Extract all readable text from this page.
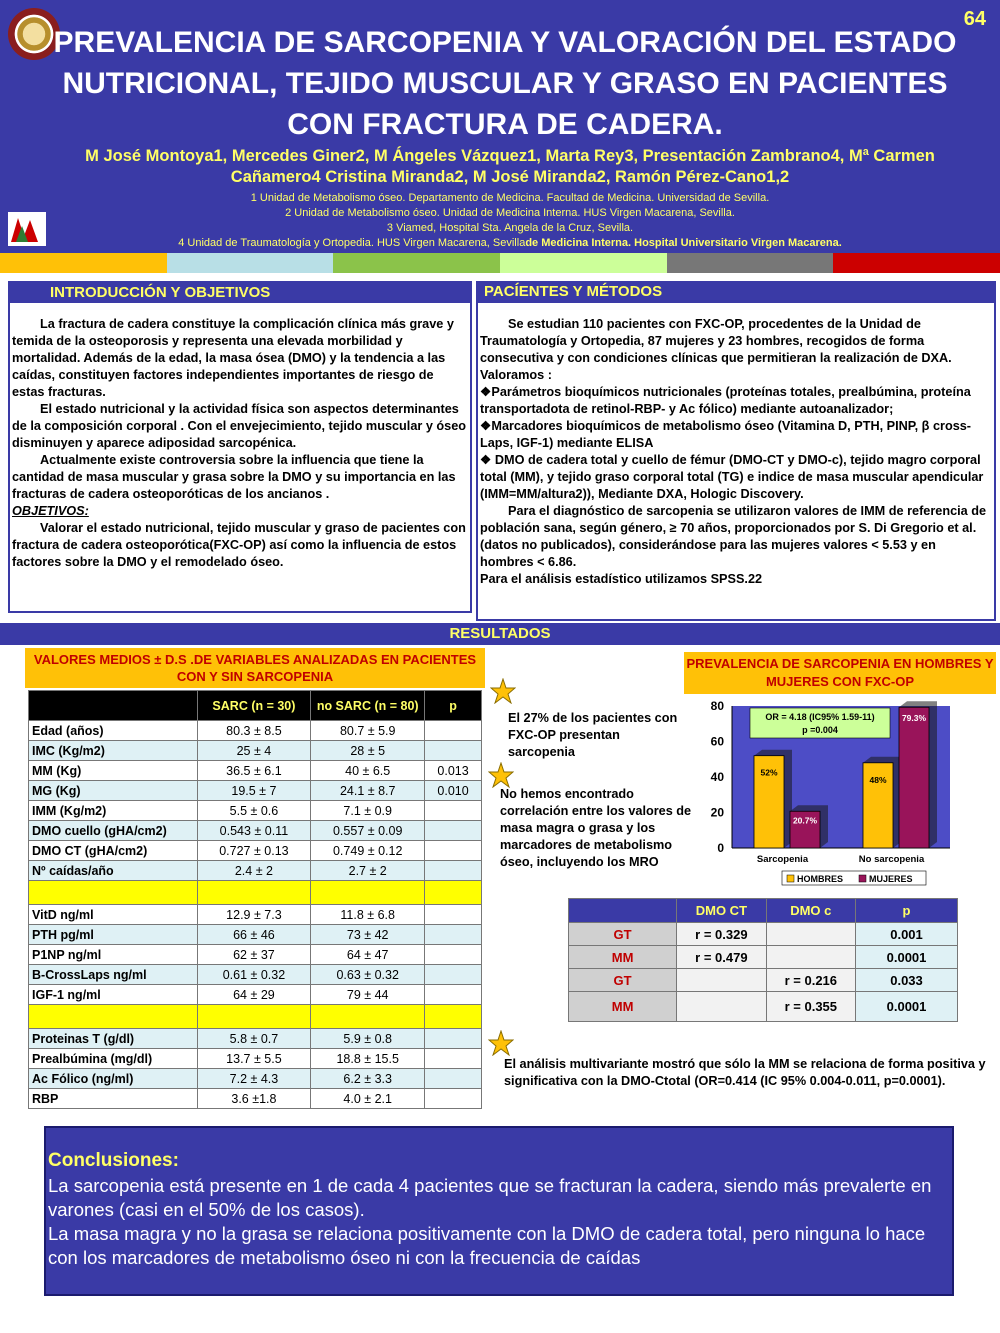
64
PREVALENCIA DE SARCOPENIA Y VALORACIÓN DEL ESTADO NUTRICIONAL, TEJIDO MUSCULAR Y GRASO EN PACIENTES CON FRACTURA DE CADERA.
M José Montoya1, Mercedes Giner2, M Ángeles Vázquez1, Marta Rey3, Presentación Zambrano4, Mª Carmen Cañamero4 Cristina Miranda2, M José Miranda2, Ramón Pérez-Cano1,2
1 Unidad de Metabolismo óseo. Departamento de Medicina. Facultad de Medicina. Universidad de Sevilla.
2 Unidad de Metabolismo óseo. Unidad de Medicina Interna. HUS Virgen Macarena, Sevilla.
3 Viamed, Hospital Sta. Angela de la Cruz, Sevilla.
4 Unidad de Traumatología y Ortopedia. HUS Virgen Macarena, Sevillade Medicina Interna. Hospital Universitario Virgen Macarena.
INTRODUCCIÓN Y OBJETIVOS

La fractura de cadera constituye la complicación clínica más grave y temida de la osteoporosis y representa una elevada morbilidad y mortalidad. Además de la edad, la masa ósea (DMO) y la tendencia a las caídas, constituyen factores independientes importantes de riesgo de estas fracturas.

El estado nutricional y la actividad física son aspectos determinantes de la composición corporal . Con el envejecimiento, tejido muscular y óseo disminuyen y aparece adiposidad sarcopénica.

Actualmente existe controversia sobre la influencia que tiene la cantidad de masa muscular y grasa sobre la DMO y su importancia en las fracturas de cadera osteoporóticas de los ancianos .

OBJETIVOS:

Valorar el estado nutricional, tejido muscular y graso de pacientes con fractura de cadera osteoporótica(FXC-OP) así como la influencia de estos factores sobre la DMO y el remodelado óseo.

PACÍENTES Y MÉTODOS

Se estudian 110 pacientes con FXC-OP, procedentes de la Unidad de Traumatología y Ortopedia, 87 mujeres y 23 hombres, recogidos de forma consecutiva y con condiciones clínicas que permitieran la realización de DXA. Valoramos :

❖Parámetros bioquímicos nutricionales (proteínas totales, prealbúmina, proteína transportadota de retinol-RBP- y Ac fólico) mediante autoanalizador;

❖Marcadores bioquímicos de metabolismo óseo (Vitamina D, PTH, PINP, β cross-Laps, IGF-1) mediante ELISA

❖ DMO de cadera total y cuello de fémur (DMO-CT y DMO-c), tejido magro corporal total (MM), y tejido graso corporal total (TG) e indice de masa muscular apendicular (IMM=MM/altura2)), Mediante DXA, Hologic Discovery.

Para el diagnóstico de sarcopenia se utilizaron valores de IMM de referencia de población sana, según género, ≥ 70 años, proporcionados por S. Di Gregorio et al. (datos no publicados), considerándose para las mujeres valores < 5.53 y en hombres < 6.86.

Para el análisis estadístico utilizamos SPSS.22

RESULTADOS
VALORES MEDIOS ± D.S .DE VARIABLES ANALIZADAS EN PACIENTES CON Y SIN SARCOPENIA
	SARC (n = 30)	no SARC (n = 80)	p
Edad (años)	80.3 ± 8.5	80.7 ± 5.9	
IMC (Kg/m2)	25 ± 4	28 ± 5	
MM (Kg)	36.5 ± 6.1	40 ± 6.5	0.013
MG (Kg)	19.5 ± 7	24.1 ± 8.7	0.010
IMM (Kg/m2)	5.5 ± 0.6	7.1 ± 0.9	
DMO cuello (gHA/cm2)	0.543 ± 0.11	0.557 ± 0.09	
DMO CT (gHA/cm2)	0.727 ± 0.13	0.749 ± 0.12	
Nº caídas/año	2.4 ± 2	2.7 ± 2	

VitD ng/ml	12.9 ± 7.3	11.8 ± 6.8	
PTH pg/ml	66 ± 46	73 ± 42	
P1NP ng/ml	62 ± 37	64 ± 47	
B-CrossLaps ng/ml	0.61 ± 0.32	0.63 ± 0.32	
IGF-1 ng/ml	64 ± 29	79 ± 44	

Proteinas T (g/dl)	5.8 ± 0.7	5.9 ± 0.8	
Prealbúmina (mg/dl)	13.7 ± 5.5	18.8 ± 15.5	
Ac Fólico (ng/ml)	7.2 ± 4.3	6.2 ± 3.3	
RBP	3.6 ±1.8	4.0 ± 2.1	
El 27% de los pacientes con FXC-OP presentan sarcopenia
No hemos encontrado correlación entre los valores de masa magra o grasa y los marcadores de metabolismo óseo, incluyendo los MRO
El análisis multivariante mostró que sólo la MM se relaciona de forma positiva y significativa con la DMO-Ctotal (OR=0.414 (IC 95% 0.004-0.011, p=0.0001).
PREVALENCIA DE SARCOPENIA EN HOMBRES Y MUJERES CON FXC-OP
0
20
40
60
80
52%
20.7%
Sarcopenia
48%
79.3%
No sarcopenia
OR = 4.18 (IC95% 1.59-11)
p =0.004
HOMBRES	MUJERES
	DMO CT	DMO c	p
GT	r = 0.329		0.001
MM	r = 0.479		0.0001
GT		r = 0.216	0.033
MM		r = 0.355	0.0001
Conclusiones:
La sarcopenia está presente en 1 de cada 4 pacientes que se fracturan la cadera, siendo más prevalerte en varones (casi en el 50% de los casos).
La masa magra y no la grasa se relaciona positivamente con la DMO de cadera total, pero ninguna lo hace con los marcadores de metabolismo óseo ni con la frecuencia de caídas
